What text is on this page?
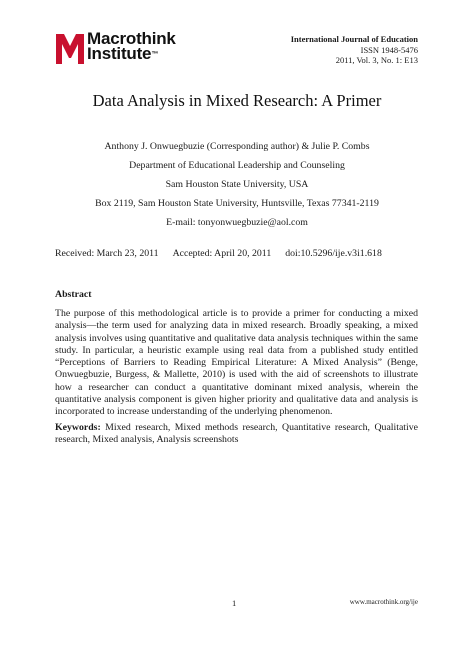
Macrothink
Institute™
International Journal of Education
ISSN 1948-5476
2011, Vol. 3, No. 1: E13
Data Analysis in Mixed Research: A Primer
Anthony J. Onwuegbuzie (Corresponding author) & Julie P. Combs
Department of Educational Leadership and Counseling
Sam Houston State University, USA
Box 2119, Sam Houston State University, Huntsville, Texas 77341-2119
E-mail: tonyonwuegbuzie@aol.com
Received: March 23, 2011 Accepted: April 20, 2011 doi:10.5296/ije.v3i1.618
Abstract
The purpose of this methodological article is to provide a primer for conducting a mixed analysis—the term used for analyzing data in mixed research. Broadly speaking, a mixed analysis involves using quantitative and qualitative data analysis techniques within the same study. In particular, a heuristic example using real data from a published study entitled “Perceptions of Barriers to Reading Empirical Literature: A Mixed Analysis” (Benge, Onwuegbuzie, Burgess, & Mallette, 2010) is used with the aid of screenshots to illustrate how a researcher can conduct a quantitative dominant mixed analysis, wherein the quantitative analysis component is given higher priority and qualitative data and analysis is incorporated to increase understanding of the underlying phenomenon.
Keywords: Mixed research, Mixed methods research, Quantitative research, Qualitative research, Mixed analysis, Analysis screenshots
1	www.macrothink.org/ije
